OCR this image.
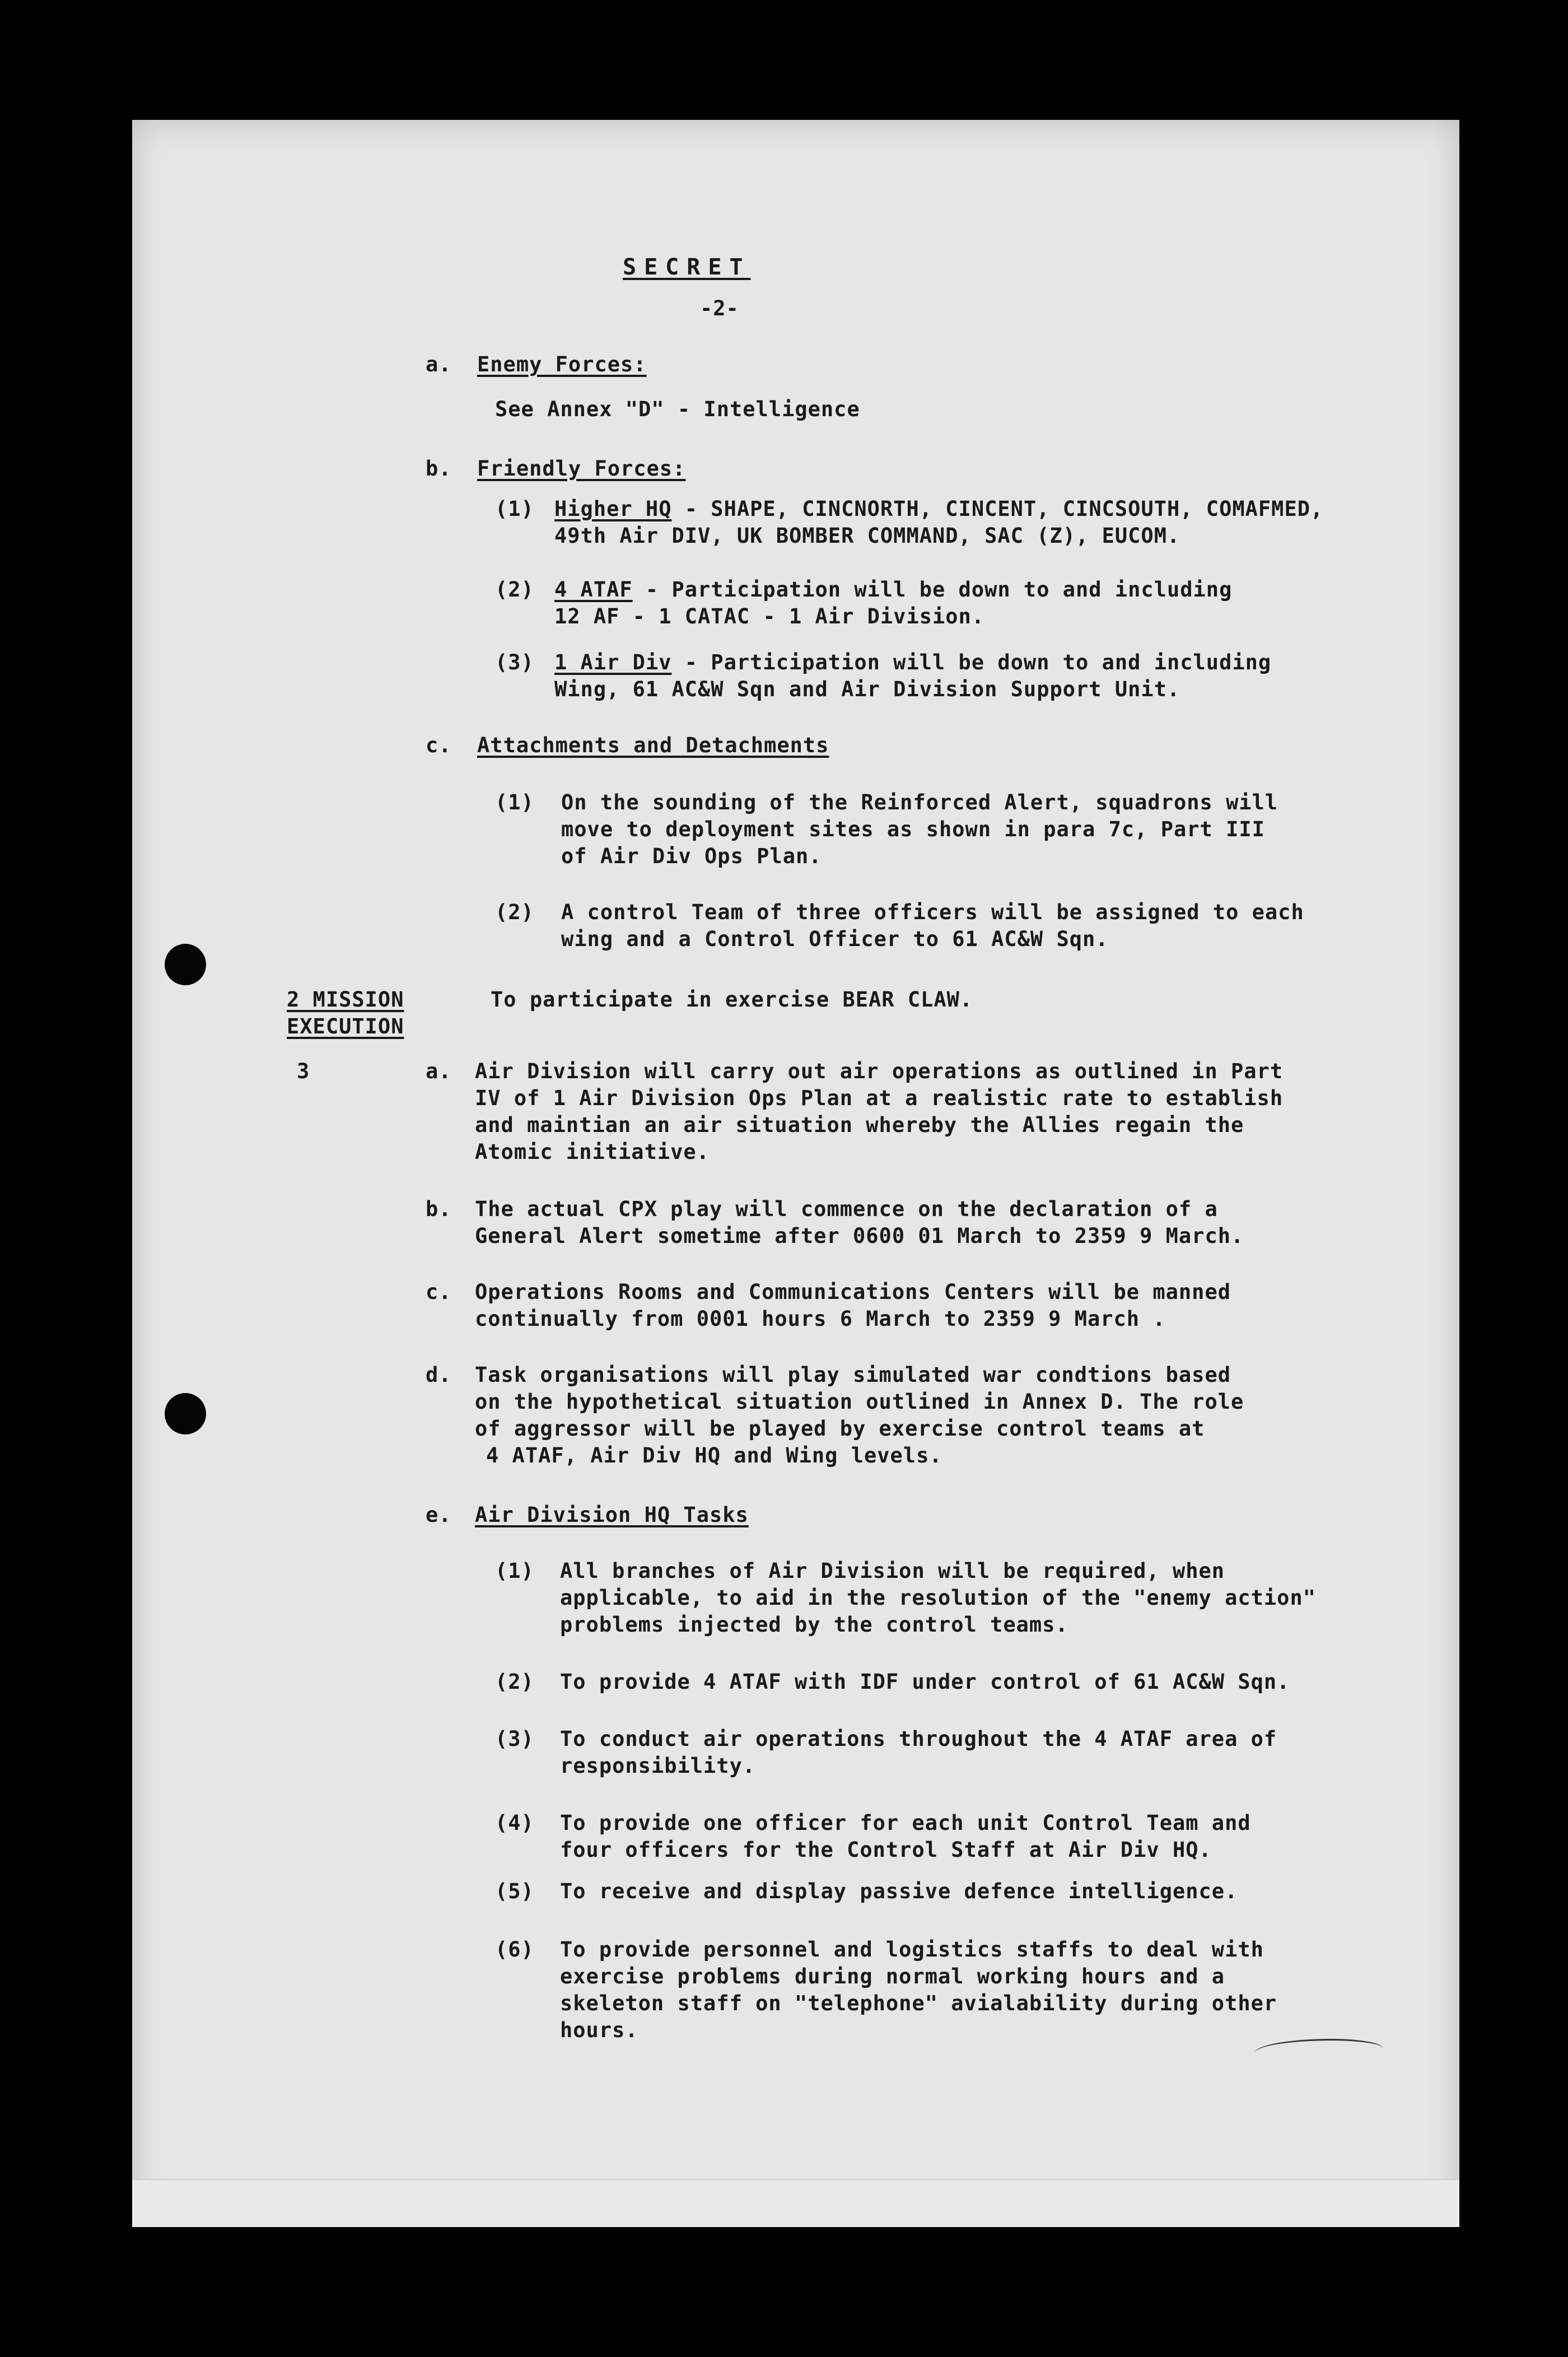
SECRET
-2-
a. Enemy Forces:
See Annex "D" - Intelligence
b. Friendly Forces:
(1) Higher HQ - SHAPE, CINCNORTH, CINCENT, CINCSOUTH, COMAFMED,
49th Air DIV, UK BOMBER COMMAND, SAC (Z), EUCOM.
(2) 4 ATAF - Participation will be down to and including
12 AF - 1 CATAC - 1 Air Division.
(3) 1 Air Div - Participation will be down to and including
Wing, 61 AC&W Sqn and Air Division Support Unit.
c. Attachments and Detachments
(1) On the sounding of the Reinforced Alert, squadrons will
move to deployment sites as shown in para 7c, Part III
of Air Div Ops Plan.
(2) A control Team of three officers will be assigned to each
wing and a Control Officer to 61 AC&W Sqn.
2 MISSION
EXECUTION
To participate in exercise BEAR CLAW.
3	a. Air Division will carry out air operations as outlined in Part
IV of 1 Air Division Ops Plan at a realistic rate to establish
and maintian an air situation whereby the Allies regain the
Atomic initiative.
b. The actual CPX play will commence on the declaration of a
General Alert sometime after 0600 01 March to 2359 9 March.
c. Operations Rooms and Communications Centers will be manned
continually from 0001 hours 6 March to 2359 9 March .
d. Task organisations will play simulated war condtions based
on the hypothetical situation outlined in Annex D. The role
of aggressor will be played by exercise control teams at
4 ATAF, Air Div HQ and Wing levels.
e. Air Division HQ Tasks
(1) All branches of Air Division will be required, when
applicable, to aid in the resolution of the "enemy action"
problems injected by the control teams.
(2) To provide 4 ATAF with IDF under control of 61 AC&W Sqn.
(3) To conduct air operations throughout the 4 ATAF area of
responsibility.
(4) To provide one officer for each unit Control Team and
four officers for the Control Staff at Air Div HQ.
(5) To receive and display passive defence intelligence.
(6) To provide personnel and logistics staffs to deal with
exercise problems during normal working hours and a
skeleton staff on "telephone" avialability during other
hours.
